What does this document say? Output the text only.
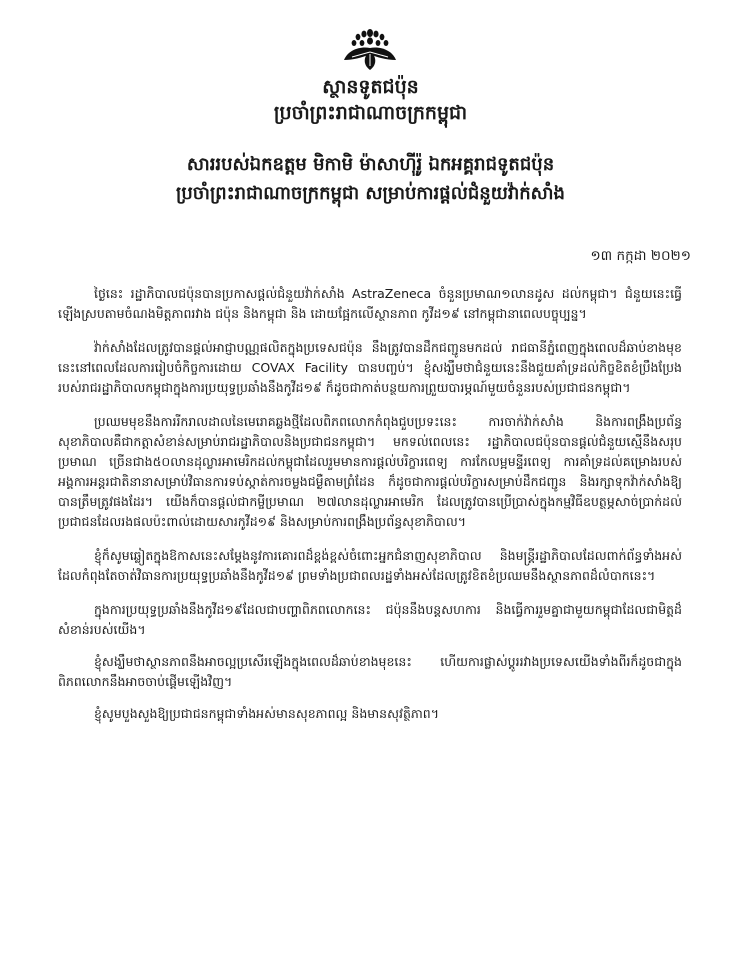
ស្ថានទូតជប៉ុន
ប្រចាំព្រះរាជាណាចក្រកម្ពុជា
សាររបស់ឯកឧត្តម មិកាមិ ម៉ាសាហ៊ីរ៉ូ ឯកអគ្គរាជទូតជប៉ុន
ប្រចាំព្រះរាជាណាចក្រកម្ពុជា សម្រាប់ការផ្តល់ជំនួយវ៉ាក់សាំង
១៣ កក្កដា ២០២១

ថ្ងៃនេះ រដ្ឋាភិបាលជប៉ុនបានប្រកាសផ្តល់ជំនួយវ៉ាក់សាំង AstraZeneca ចំនួនប្រមាណ១លានដូស ដល់កម្ពុជា។ ជំនួយនេះធ្វើឡើងស្របតាមចំណងមិត្តភាពរវាង ជប៉ុន និងកម្ពុជា និង ដោយផ្អែកលើស្ថានភាព កូវីដ១៩ នៅកម្ពុជានាពេលបច្ចុប្បន្ន។

វ៉ាក់សាំងដែលត្រូវបានផ្តល់អាជ្ញាបណ្ណផលិតក្នុងប្រទេសជប៉ុន នឹងត្រូវបានដឹកជញ្ជូនមកដល់ រាជធានីភ្នំពេញក្នុងពេលដ៏ឆាប់ខាងមុខនេះនៅពេលដែលការរៀបចំកិច្ចការដោយ COVAX Facility បានបញ្ចប់។ ខ្ញុំសង្ឃឹមថាជំនួយនេះនឹងជួយគាំទ្រដល់កិច្ចខិតខំប្រឹងប្រែងរបស់រាជរដ្ឋាភិបាលកម្ពុជាក្នុងការប្រយុទ្ធប្រឆាំងនឹងកូវីដ១៩ ក៏ដូចជាកាត់បន្ថយការព្រួយបារម្ភណ៍មួយចំនួនរបស់ប្រជាជនកម្ពុជា។

ប្រឈមមុខនឹងការរីករាលដាលនៃមេរោគឆ្លងថ្មីដែលពិភពលោកកំពុងជួបប្រទះនេះ ការចាក់វ៉ាក់សាំង និងការពង្រឹងប្រព័ន្ធសុខាភិបាលគឺជាកត្តាសំខាន់សម្រាប់រាជរដ្ឋាភិបាលនិងប្រជាជនកម្ពុជា។ មកទល់ពេលនេះ រដ្ឋាភិបាលជប៉ុនបានផ្តល់ជំនួយស្មើនឹងសរុបប្រមាណ ច្រើនជាង៥០លានដុល្លារអាមេរិកដល់កម្ពុជាដែលរួមមានការផ្តល់បរិក្ខារពេទ្យ ការកែលម្អមន្ទីរពេទ្យ ការគាំទ្រដល់គម្រោងរបស់អង្គការអន្តរជាតិនានាសម្រាប់វិធានការទប់ស្កាត់ការចម្លងជម្ងឺតាមព្រំដែន ក៏ដូចជាការផ្តល់បរិក្ខារសម្រាប់ដឹកជញ្ជូន និងរក្សាទុកវ៉ាក់សាំងឱ្យបានត្រឹមត្រូវផងដែរ។ យើងក៏បានផ្តល់ជាកម្ចីប្រមាណ ២៧លានដុល្លារអាមេរិក ដែលត្រូវបានប្រើប្រាស់ក្នុងកម្មវិធីឧបត្ថម្ភសាច់ប្រាក់ដល់ប្រជាជនដែលរងផលប៉ះពាល់ដោយសារកូវីដ១៩ និងសម្រាប់ការពង្រឹងប្រព័ន្ធសុខាភិបាល។

ខ្ញុំក៏សូមឆ្លៀតក្នុងឱកាសនេះសម្តែងនូវការគោរពដ៏ខ្ពង់ខ្ពស់ចំពោះអ្នកជំនាញសុខាភិបាល និងមន្ត្រីរដ្ឋាភិបាលដែលពាក់ព័ន្ធទាំងអស់ដែលកំពុងតែចាត់វិធានការប្រយុទ្ធប្រឆាំងនឹងកូវីដ១៩ ព្រមទាំងប្រជាពលរដ្ឋទាំងអស់ដែលត្រូវខិតខំប្រឈមនឹងស្ថានភាពដ៏លំបាកនេះ។

ក្នុងការប្រយុទ្ធប្រឆាំងនឹងកូវីដ១៩ដែលជាបញ្ហាពិភពលោកនេះ ជប៉ុននឹងបន្តសហការ និងធ្វើការរួមគ្នាជាមួយកម្ពុជាដែលជាមិត្តដ៏សំខាន់របស់យើង។

ខ្ញុំសង្ឃឹមថាស្ថានភាពនឹងអាចល្អប្រសើរឡើងក្នុងពេលដ៏ឆាប់ខាងមុខនេះ ហើយការផ្លាស់ប្តូររវាងប្រទេសយើងទាំងពីរក៏ដូចជាក្នុងពិភពលោកនឹងអាចចាប់ផ្តើមឡើងវិញ។

ខ្ញុំសូមបួងសួងឱ្យប្រជាជនកម្ពុជាទាំងអស់មានសុខភាពល្អ និងមានសុវត្ថិភាព។
